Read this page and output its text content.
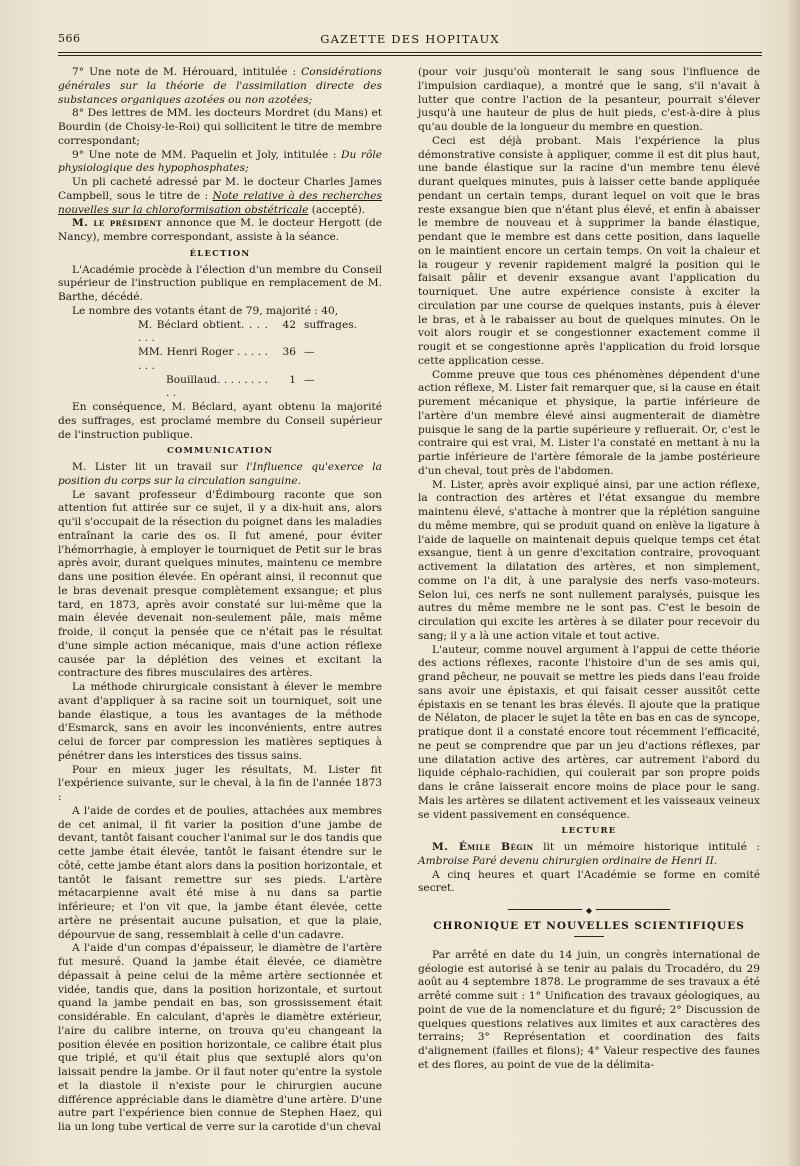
566	GAZETTE DES HOPITAUX

7° Une note de M. Hérouard, intitulée : Considérations générales sur la théorie de l'assimilation directe des substances organiques azotées ou non azotées;

8° Des lettres de MM. les docteurs Mordret (du Mans) et Bourdin (de Choisy-le-Roi) qui sollicitent le titre de membre correspondant;

9° Une note de MM. Paquelin et Joly, intitulée : Du rôle physiologique des hypophosphates;

Un pli cacheté adressé par M. le docteur Charles James Campbell, sous le titre de : Note relative à des recherches nouvelles sur la chloroformisation obstétricale (accepté).

M. le président annonce que M. le docteur Hergott (de Nancy), membre correspondant, assiste à la séance.

ÉLECTION

L'Académie procède à l'élection d'un membre du Conseil supérieur de l'instruction publique en remplacement de M. Barthe, décédé.

Le nombre des votants étant de 79, majorité : 40,

M. Béclard obtient. . . . . . .
42 suffrages.
MM. Henri Roger . . . . . . . .
36 —
Bouillaud. . . . . . . . . .
1 —

En conséquence, M. Béclard, ayant obtenu la majorité des suffrages, est proclamé membre du Conseil supérieur de l'instruction publique.

COMMUNICATION

M. Lister lit un travail sur l'Influence qu'exerce la position du corps sur la circulation sanguine.

Le savant professeur d'Édimbourg raconte que son attention fut attirée sur ce sujet, il y a dix-huit ans, alors qu'il s'occupait de la résection du poignet dans les maladies entraînant la carie des os. Il fut amené, pour éviter l'hémorrhagie, à employer le tourniquet de Petit sur le bras après avoir, durant quelques minutes, maintenu ce membre dans une position élevée. En opérant ainsi, il reconnut que le bras devenait presque complètement exsangue; et plus tard, en 1873, après avoir constaté sur lui-même que la main élevée devenait non-seulement pâle, mais même froide, il conçut la pensée que ce n'était pas le résultat d'une simple action mécanique, mais d'une action réflexe causée par la déplétion des veines et excitant la contracture des fibres musculaires des artères.

La méthode chirurgicale consistant à élever le membre avant d'appliquer à sa racine soit un tourniquet, soit une bande élastique, a tous les avantages de la méthode d'Esmarck, sans en avoir les inconvénients, entre autres celui de forcer par compression les matières septiques à pénétrer dans les interstices des tissus sains.

Pour en mieux juger les résultats, M. Lister fit l'expérience suivante, sur le cheval, à la fin de l'année 1873 :

A l'aide de cordes et de poulies, attachées aux membres de cet animal, il fit varier la position d'une jambe de devant, tantôt faisant coucher l'animal sur le dos tandis que cette jambe était élevée, tantôt le faisant étendre sur le côté, cette jambe étant alors dans la position horizontale, et tantôt le faisant remettre sur ses pieds. L'artère métacarpienne avait été mise à nu dans sa partie inférieure; et l'on vit que, la jambe étant élevée, cette artère ne présentait aucune pulsation, et que la plaie, dépourvue de sang, ressemblait à celle d'un cadavre.

A l'aide d'un compas d'épaisseur, le diamètre de l'artère fut mesuré. Quand la jambe était élevée, ce diamètre dépassait à peine celui de la même artère sectionnée et vidée, tandis que, dans la position horizontale, et surtout quand la jambe pendait en bas, son grossissement était considérable. En calculant, d'après le diamètre extérieur, l'aire du calibre interne, on trouva qu'eu changeant la position élevée en position horizontale, ce calibre était plus que triplé, et qu'il était plus que sextuplé alors qu'on laissait pendre la jambe. Or il faut noter qu'entre la systole et la diastole il n'existe pour le chirurgien aucune différence appréciable dans le diamètre d'une artère. D'une autre part l'expérience bien connue de Stephen Haez, qui lia un long tube vertical de verre sur la carotide d'un cheval

(pour voir jusqu'où monterait le sang sous l'influence de l'impulsion cardiaque), a montré que le sang, s'il n'avait à lutter que contre l'action de la pesanteur, pourrait s'élever jusqu'à une hauteur de plus de huit pieds, c'est-à-dire à plus qu'au double de la longueur du membre en question.

Ceci est déjà probant. Mais l'expérience la plus démonstrative consiste à appliquer, comme il est dit plus haut, une bande élastique sur la racine d'un membre tenu élevé durant quelques minutes, puis à laisser cette bande appliquée pendant un certain temps, durant lequel on voit que le bras reste exsangue bien que n'étant plus élevé, et enfin à abaisser le membre de nouveau et à supprimer la bande élastique, pendant que le membre est dans cette position, dans laquelle on le maintient encore un certain temps. On voit la chaleur et la rougeur y revenir rapidement malgré la position qui le faisait pâlir et devenir exsangue avant l'application du tourniquet. Une autre expérience consiste à exciter la circulation par une course de quelques instants, puis à élever le bras, et à le rabaisser au bout de quelques minutes. On le voit alors rougir et se congestionner exactement comme il rougit et se congestionne après l'application du froid lorsque cette application cesse.

Comme preuve que tous ces phénomènes dépendent d'une action réflexe, M. Lister fait remarquer que, si la cause en était purement mécanique et physique, la partie inférieure de l'artère d'un membre élevé ainsi augmenterait de diamètre puisque le sang de la partie supérieure y refluerait. Or, c'est le contraire qui est vrai, M. Lister l'a constaté en mettant à nu la partie inférieure de l'artère fémorale de la jambe postérieure d'un cheval, tout près de l'abdomen.

M. Lister, après avoir expliqué ainsi, par une action réflexe, la contraction des artères et l'état exsangue du membre maintenu élevé, s'attache à montrer que la réplétion sanguine du même membre, qui se produit quand on enlève la ligature à l'aide de laquelle on maintenait depuis quelque temps cet état exsangue, tient à un genre d'excitation contraire, provoquant activement la dilatation des artères, et non simplement, comme on l'a dit, à une paralysie des nerfs vaso-moteurs. Selon lui, ces nerfs ne sont nullement paralysés, puisque les autres du même membre ne le sont pas. C'est le besoin de circulation qui excite les artères à se dilater pour recevoir du sang; il y a là une action vitale et tout active.

L'auteur, comme nouvel argument à l'appui de cette théorie des actions réflexes, raconte l'histoire d'un de ses amis qui, grand pêcheur, ne pouvait se mettre les pieds dans l'eau froide sans avoir une épistaxis, et qui faisait cesser aussitôt cette épistaxis en se tenant les bras élevés. Il ajoute que la pratique de Nélaton, de placer le sujet la tête en bas en cas de syncope, pratique dont il a constaté encore tout récemment l'efficacité, ne peut se comprendre que par un jeu d'actions réflexes, par une dilatation active des artères, car autrement l'abord du liquide céphalo-rachidien, qui coulerait par son propre poids dans le crâne laisserait encore moins de place pour le sang. Mais les artères se dilatent activement et les vaisseaux veineux se vident passivement en conséquence.

LECTURE

M. Émile Bégin lit un mémoire historique intitulé : Ambroise Paré devenu chirurgien ordinaire de Henri II.

A cinq heures et quart l'Académie se forme en comité secret.

◆
CHRONIQUE ET NOUVELLES SCIENTIFIQUES

Par arrêté en date du 14 juin, un congrès international de géologie est autorisé à se tenir au palais du Trocadéro, du 29 août au 4 septembre 1878. Le programme de ses travaux a été arrêté comme suit : 1° Unification des travaux géologiques, au point de vue de la nomenclature et du figuré; 2° Discussion de quelques questions relatives aux limites et aux caractères des terrains; 3° Représentation et coordination des faits d'alignement (failles et filons); 4° Valeur respective des faunes et des flores, au point de vue de la délimita-
